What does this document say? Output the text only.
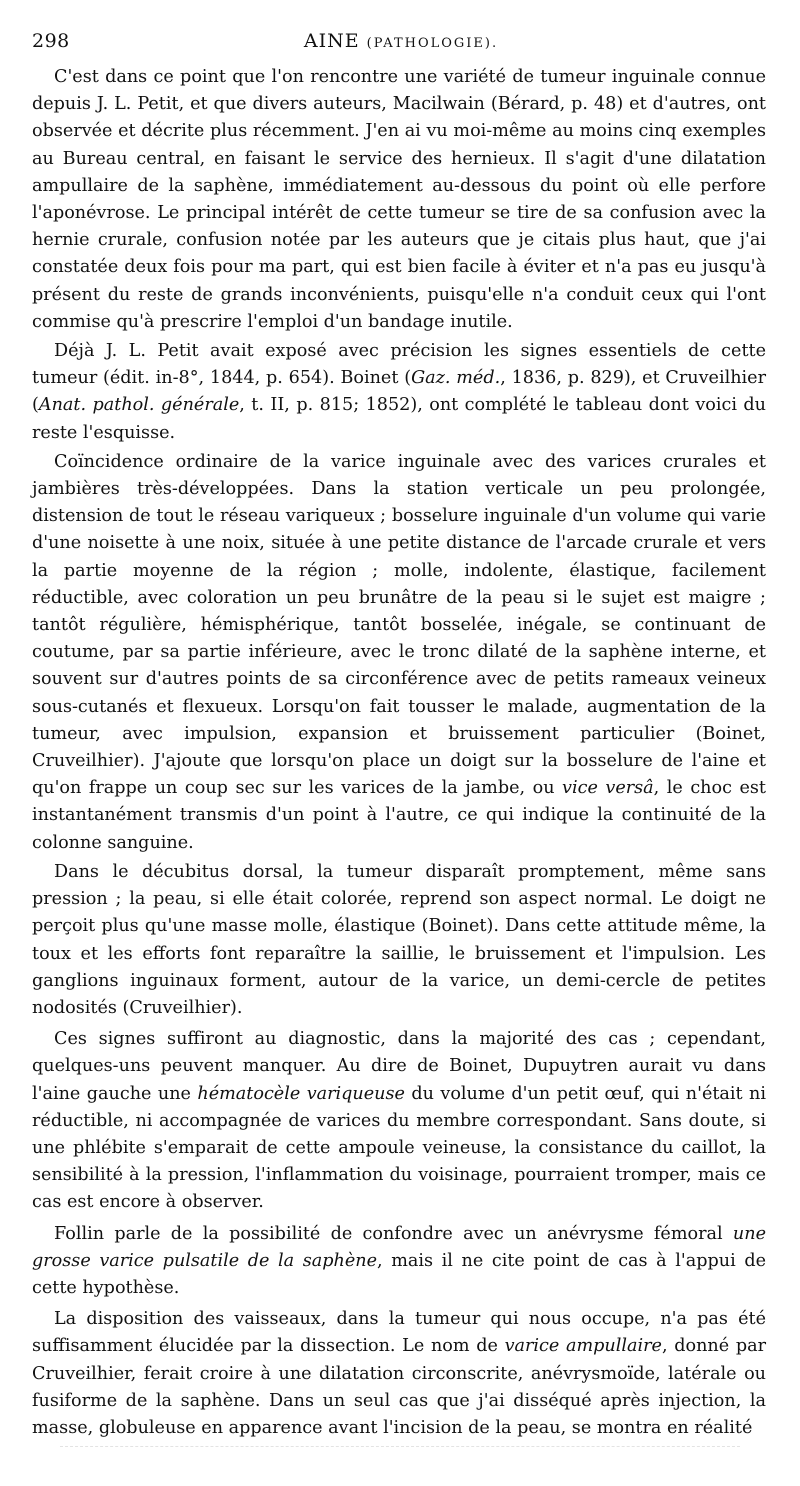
298	AINE (PATHOLOGIE).

C'est dans ce point que l'on rencontre une variété de tumeur inguinale connue depuis J. L. Petit, et que divers auteurs, Macilwain (Bérard, p. 48) et d'autres, ont observée et décrite plus récemment. J'en ai vu moi-même au moins cinq exemples au Bureau central, en faisant le service des hernieux. Il s'agit d'une dilatation ampullaire de la saphène, immédiatement au-dessous du point où elle perfore l'aponévrose. Le principal intérêt de cette tumeur se tire de sa confusion avec la hernie crurale, confusion notée par les auteurs que je citais plus haut, que j'ai constatée deux fois pour ma part, qui est bien facile à éviter et n'a pas eu jusqu'à présent du reste de grands inconvénients, puisqu'elle n'a conduit ceux qui l'ont commise qu'à prescrire l'emploi d'un bandage inutile.

Déjà J. L. Petit avait exposé avec précision les signes essentiels de cette tumeur (édit. in-8°, 1844, p. 654). Boinet (Gaz. méd., 1836, p. 829), et Cruveilhier (Anat. pathol. générale, t. II, p. 815; 1852), ont complété le tableau dont voici du reste l'esquisse.

Coïncidence ordinaire de la varice inguinale avec des varices crurales et jambières très-développées. Dans la station verticale un peu prolongée, distension de tout le réseau variqueux ; bosselure inguinale d'un volume qui varie d'une noisette à une noix, située à une petite distance de l'arcade crurale et vers la partie moyenne de la région ; molle, indolente, élastique, facilement réductible, avec coloration un peu brunâtre de la peau si le sujet est maigre ; tantôt régulière, hémisphérique, tantôt bosselée, inégale, se continuant de coutume, par sa partie inférieure, avec le tronc dilaté de la saphène interne, et souvent sur d'autres points de sa circonférence avec de petits rameaux veineux sous-cutanés et flexueux. Lorsqu'on fait tousser le malade, augmentation de la tumeur, avec impulsion, expansion et bruissement particulier (Boinet, Cruveilhier). J'ajoute que lorsqu'on place un doigt sur la bosselure de l'aine et qu'on frappe un coup sec sur les varices de la jambe, ou vice versâ, le choc est instantanément transmis d'un point à l'autre, ce qui indique la continuité de la colonne sanguine.

Dans le décubitus dorsal, la tumeur disparaît promptement, même sans pression ; la peau, si elle était colorée, reprend son aspect normal. Le doigt ne perçoit plus qu'une masse molle, élastique (Boinet). Dans cette attitude même, la toux et les efforts font reparaître la saillie, le bruissement et l'impulsion. Les ganglions inguinaux forment, autour de la varice, un demi-cercle de petites nodosités (Cruveilhier).

Ces signes suffiront au diagnostic, dans la majorité des cas ; cependant, quelques-uns peuvent manquer. Au dire de Boinet, Dupuytren aurait vu dans l'aine gauche une hématocèle variqueuse du volume d'un petit œuf, qui n'était ni réductible, ni accompagnée de varices du membre correspondant. Sans doute, si une phlébite s'emparait de cette ampoule veineuse, la consistance du caillot, la sensibilité à la pression, l'inflammation du voisinage, pourraient tromper, mais ce cas est encore à observer.

Follin parle de la possibilité de confondre avec un anévrysme fémoral une grosse varice pulsatile de la saphène, mais il ne cite point de cas à l'appui de cette hypothèse.

La disposition des vaisseaux, dans la tumeur qui nous occupe, n'a pas été suffisamment élucidée par la dissection. Le nom de varice ampullaire, donné par Cruveilhier, ferait croire à une dilatation circonscrite, anévrysmoïde, latérale ou fusiforme de la saphène. Dans un seul cas que j'ai disséqué après injection, la masse, globuleuse en apparence avant l'incision de la peau, se montra en réalité
